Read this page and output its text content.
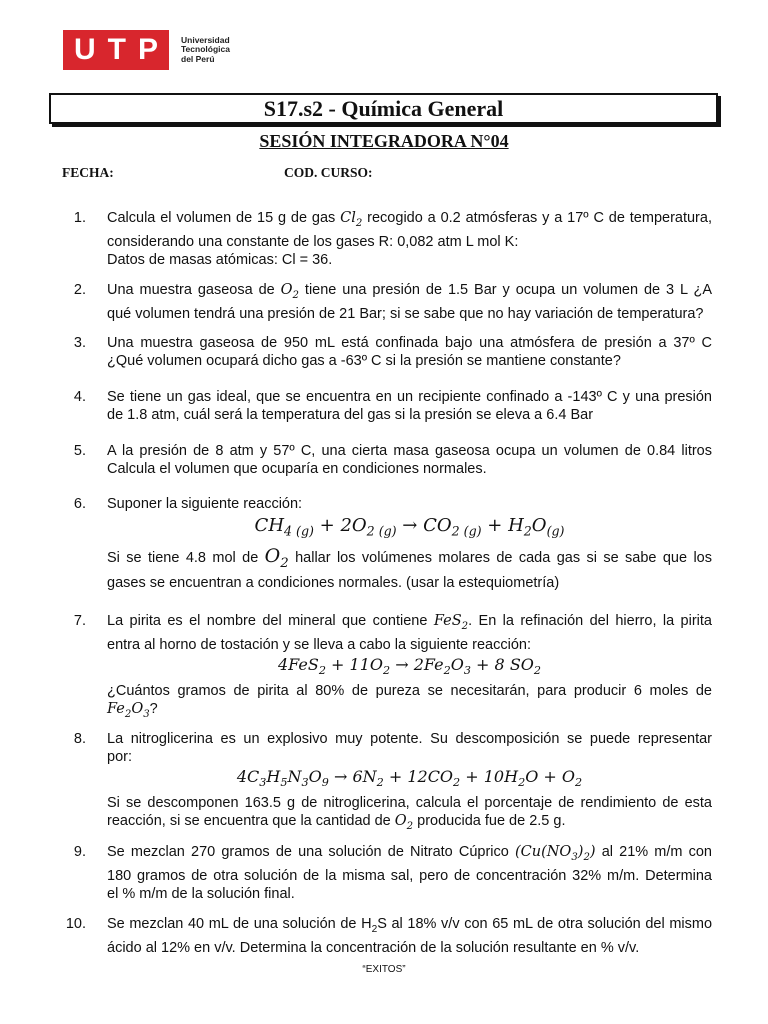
U T P	Universidad
Tecnológica
del Perú
S17.s2 - Química General
SESIÓN INTEGRADORA N°04
FECHA:	COD. CURSO:
1. Calcula el volumen de 15 g de gas $Cl_2$ recogido a 0.2 atmósferas y a 17º C de temperatura,
considerando una constante de los gases R: 0,082 atm L mol K:
Datos de masas atómicas: Cl = 36.
2. Una muestra gaseosa de $O_2$ tiene una presión de 1.5 Bar y ocupa un volumen de 3 L ¿A
qué volumen tendrá una presión de 21 Bar; si se sabe que no hay variación de temperatura?
3. Una muestra gaseosa de 950 mL está confinada bajo una atmósfera de presión a 37º C
¿Qué volumen ocupará dicho gas a -63º C si la presión se mantiene constante?
4. Se tiene un gas ideal, que se encuentra en un recipiente confinado a -143º C y una presión
de 1.8 atm, cuál será la temperatura del gas si la presión se eleva a 6.4 Bar
5. A la presión de 8 atm y 57º C, una cierta masa gaseosa ocupa un volumen de 0.84 litros
Calcula el volumen que ocuparía en condiciones normales.
6. Suponer la siguiente reacción:
$CH_{4 (g)} + 2O_{2 (g)} \to CO_{2 (g)} + H_2O_{(g)}$
Si se tiene 4.8 mol de $O_2$ hallar los volúmenes molares de cada gas si se sabe que los
gases se encuentran a condiciones normales. (usar la estequiometría)
7. La pirita es el nombre del mineral que contiene FeS$_2$. En la refinación del hierro, la pirita
entra al horno de tostación y se lleva a cabo la siguiente reacción:
$4FeS_2 + 11O_2 \to 2Fe_2O_3 + 8$ $SO_2$
¿Cuántos gramos de pirita al 80% de pureza se necesitarán, para producir 6 moles de
$Fe_2O_3$?
8. La nitroglicerina es un explosivo muy potente. Su descomposición se puede representar
por:
$4C_3H_5N_3O_9 \to 6N_2 + 12CO_2 + 10H_2O + O_2$
Si se descomponen 163.5 g de nitroglicerina, calcula el porcentaje de rendimiento de esta
reacción, si se encuentra que la cantidad de $O_2$ producida fue de 2.5 g.
9. Se mezclan 270 gramos de una solución de Nitrato Cúprico $(Cu(NO_3)_2)$ al 21% m/m con
180 gramos de otra solución de la misma sal, pero de concentración 32% m/m. Determina
el % m/m de la solución final.
10. Se mezclan 40 mL de una solución de $H_2S$ al 18% v/v con 65 mL de otra solución del mismo
ácido al 12% en v/v. Determina la concentración de la solución resultante en % v/v.
“EXITOS”
